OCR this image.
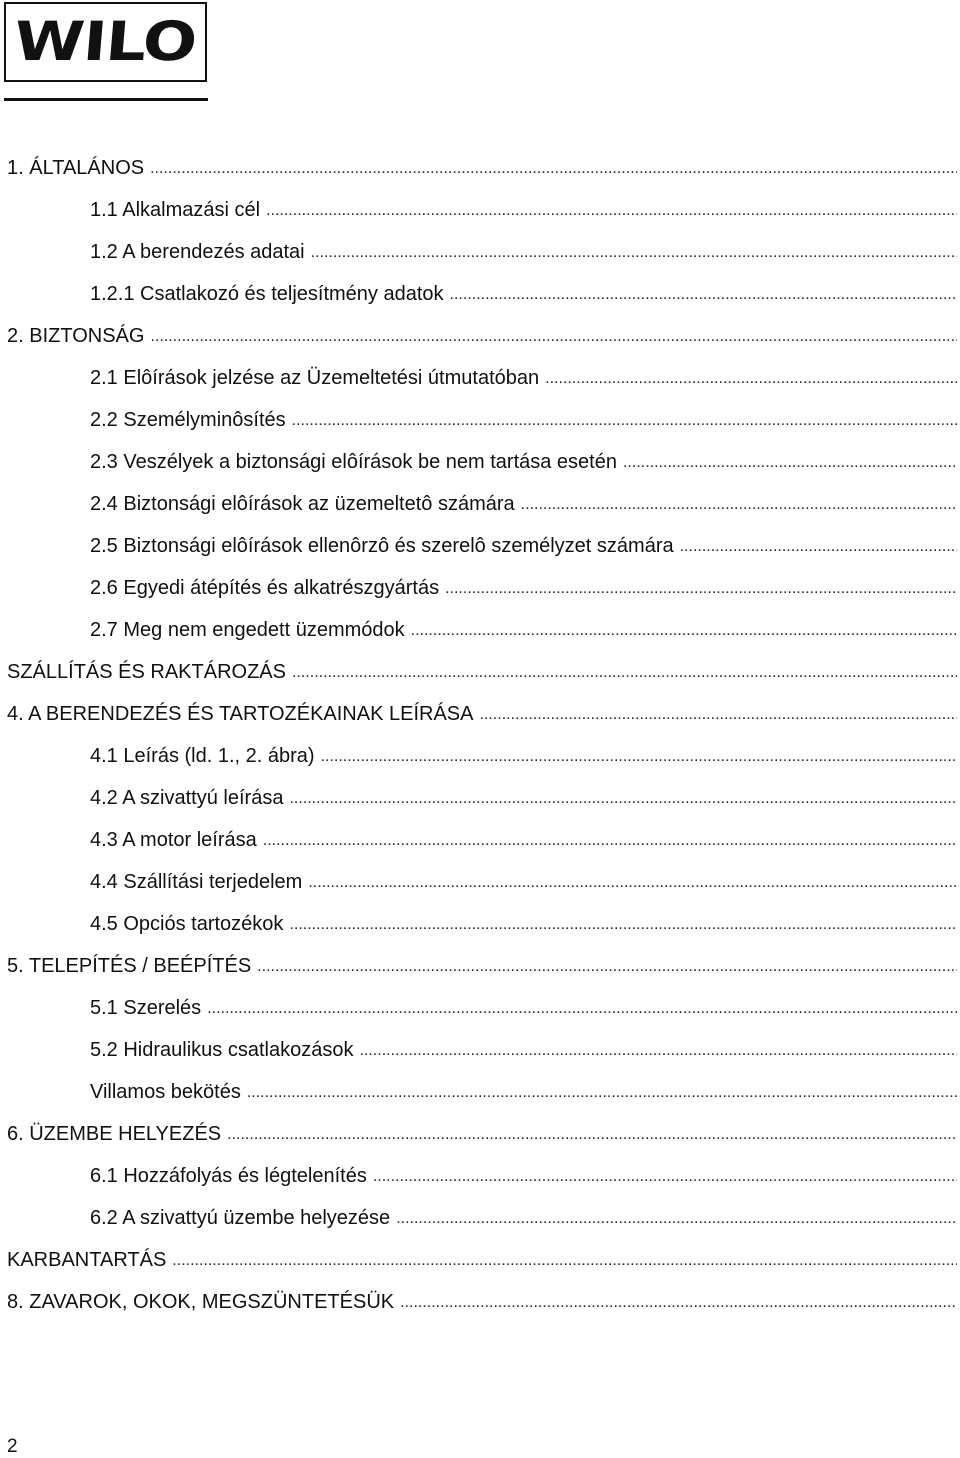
WILO
1. ÁLTALÁNOS
.....
1.1 Alkalmazási cél
.....
1.2 A berendezés adatai
.....
1.2.1 Csatlakozó és teljesítmény adatok
.....
2. BIZTONSÁG
.....
2.1 Elôírások jelzése az Üzemeltetési útmutatóban
.....
2.2 Személyminôsítés
.....
2.3 Veszélyek a biztonsági elôírások be nem tartása esetén
.....
2.4 Biztonsági elôírások az üzemeltetô számára
.....
2.5 Biztonsági elôírások ellenôrzô és szerelô személyzet számára
.....
2.6 Egyedi átépítés és alkatrészgyártás
.....
2.7 Meg nem engedett üzemmódok
.....
SZÁLLÍTÁS ÉS RAKTÁROZÁS
.....
4. A BERENDEZÉS ÉS TARTOZÉKAINAK LEÍRÁSA
.....
4.1 Leírás (ld. 1., 2. ábra)
.....
4.2 A szivattyú leírása
.....
4.3 A motor leírása
.....
4.4 Szállítási terjedelem
.....
4.5 Opciós tartozékok
.....
5. TELEPÍTÉS / BEÉPÍTÉS
.....
5.1 Szerelés
.....
5.2 Hidraulikus csatlakozások
.....
Villamos bekötés
.....
6. ÜZEMBE HELYEZÉS
.....
6.1 Hozzáfolyás és légtelenítés
.....
6.2 A szivattyú üzembe helyezése
.....
KARBANTARTÁS
.....
8. ZAVAROK, OKOK, MEGSZÜNTETÉSÜK
.....
2
